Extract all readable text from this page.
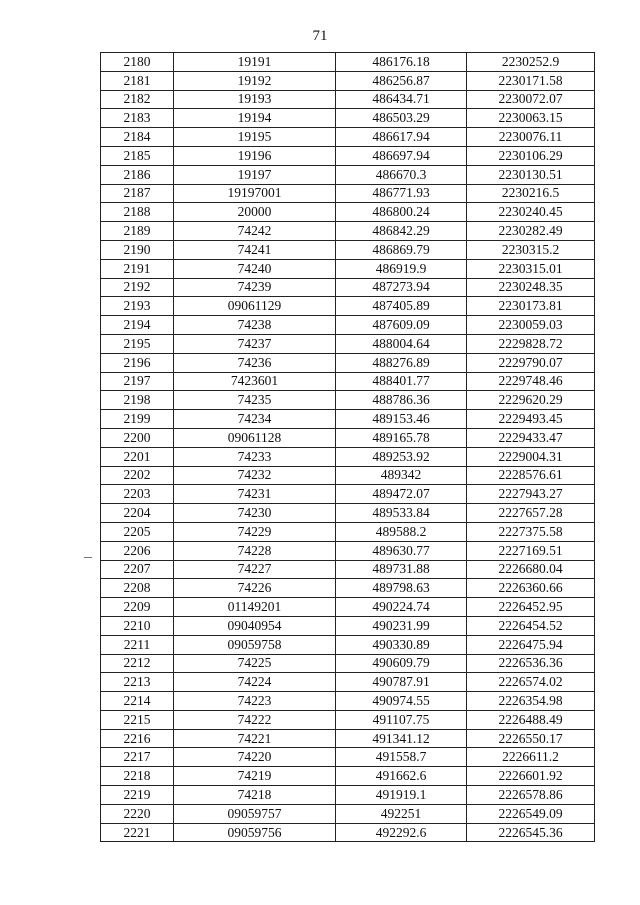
71
2180	19191	486176.18	2230252.9
2181	19192	486256.87	2230171.58
2182	19193	486434.71	2230072.07
2183	19194	486503.29	2230063.15
2184	19195	486617.94	2230076.11
2185	19196	486697.94	2230106.29
2186	19197	486670.3	2230130.51
2187	19197001	486771.93	2230216.5
2188	20000	486800.24	2230240.45
2189	74242	486842.29	2230282.49
2190	74241	486869.79	2230315.2
2191	74240	486919.9	2230315.01
2192	74239	487273.94	2230248.35
2193	09061129	487405.89	2230173.81
2194	74238	487609.09	2230059.03
2195	74237	488004.64	2229828.72
2196	74236	488276.89	2229790.07
2197	7423601	488401.77	2229748.46
2198	74235	488786.36	2229620.29
2199	74234	489153.46	2229493.45
2200	09061128	489165.78	2229433.47
2201	74233	489253.92	2229004.31
2202	74232	489342	2228576.61
2203	74231	489472.07	2227943.27
2204	74230	489533.84	2227657.28
2205	74229	489588.2	2227375.58
2206	74228	489630.77	2227169.51
2207	74227	489731.88	2226680.04
2208	74226	489798.63	2226360.66
2209	01149201	490224.74	2226452.95
2210	09040954	490231.99	2226454.52
2211	09059758	490330.89	2226475.94
2212	74225	490609.79	2226536.36
2213	74224	490787.91	2226574.02
2214	74223	490974.55	2226354.98
2215	74222	491107.75	2226488.49
2216	74221	491341.12	2226550.17
2217	74220	491558.7	2226611.2
2218	74219	491662.6	2226601.92
2219	74218	491919.1	2226578.86
2220	09059757	492251	2226549.09
2221	09059756	492292.6	2226545.36
